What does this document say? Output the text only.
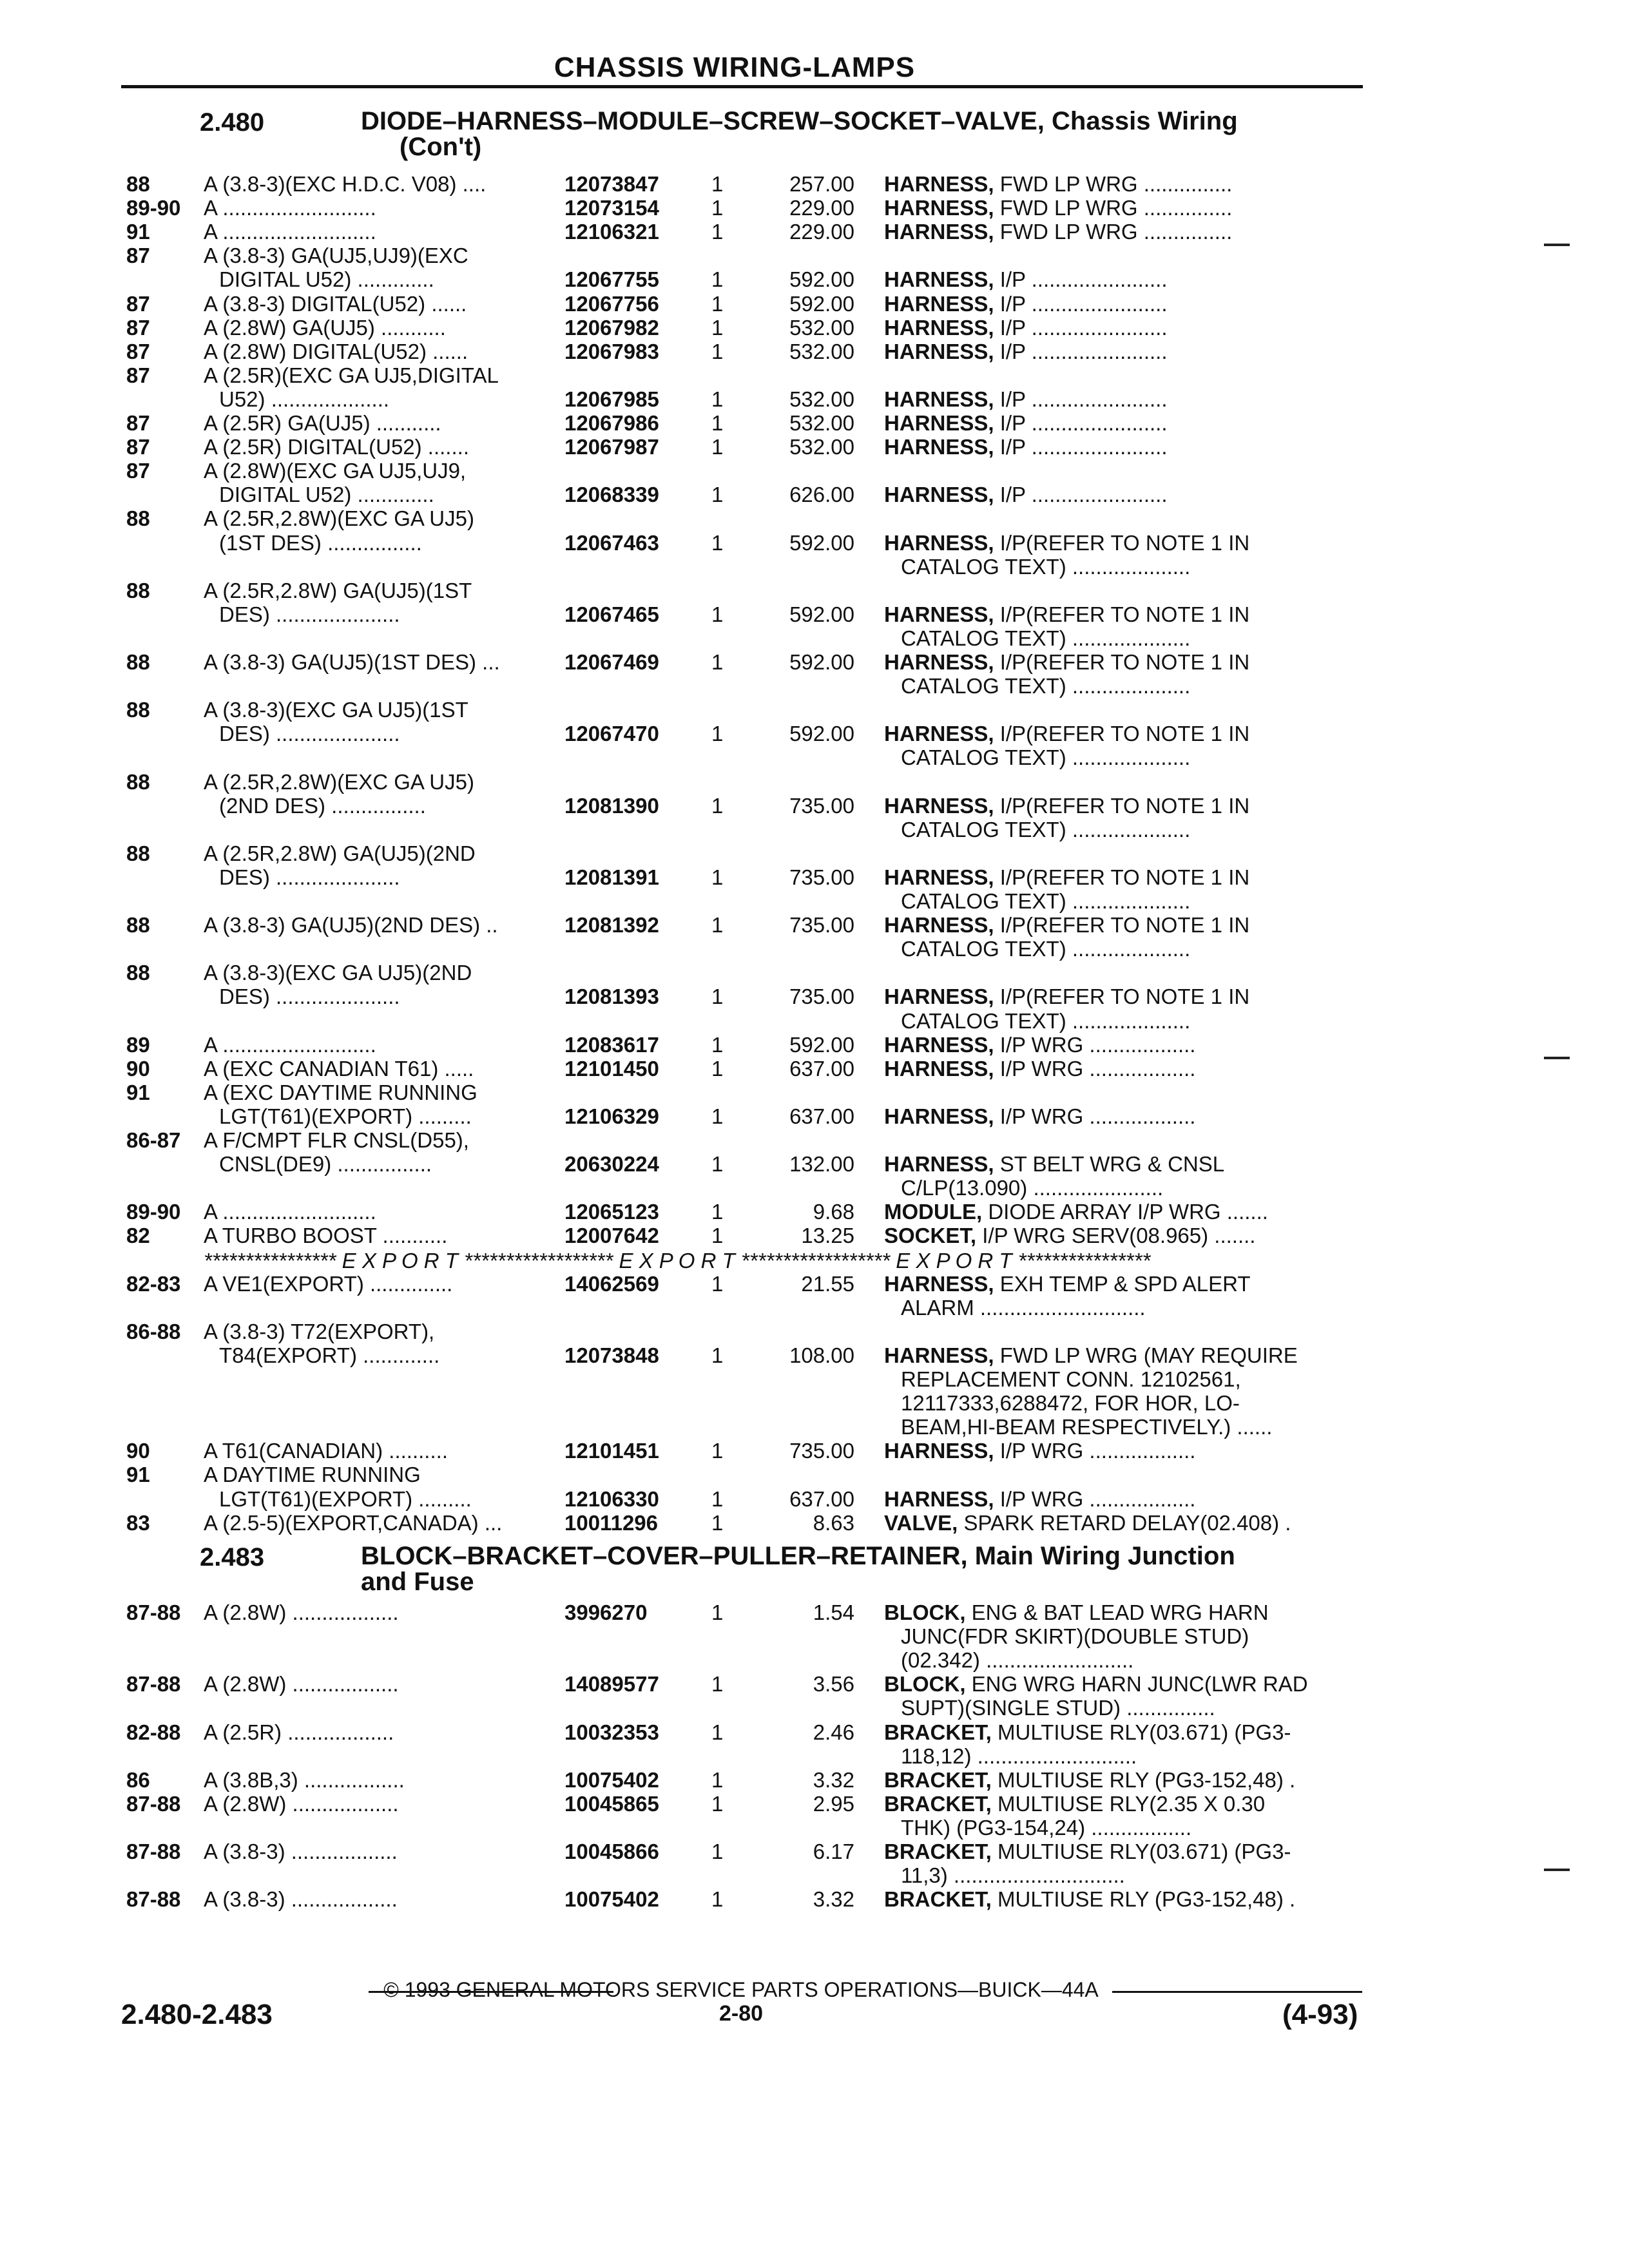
CHASSIS WIRING-LAMPS
2.480	DIODE–HARNESS–MODULE–SCREW–SOCKET–VALVE, Chassis Wiring
(Con't)
88	A (3.8-3)(EXC H.D.C. V08) ....	12073847 1	257.00 HARNESS, FWD LP WRG ...............
89-90 A ..........................	12073154 1	229.00 HARNESS, FWD LP WRG ...............
91	A ..........................	12106321 1	229.00 HARNESS, FWD LP WRG ...............
87	A (3.8-3) GA(UJ5,UJ9)(EXC
DIGITAL U52) .............	12067755 1	592.00 HARNESS, I/P .......................
87	A (3.8-3) DIGITAL(U52) ......	12067756 1	592.00 HARNESS, I/P .......................
87	A (2.8W) GA(UJ5) ...........	12067982 1	532.00 HARNESS, I/P .......................
87	A (2.8W) DIGITAL(U52) ......	12067983 1	532.00 HARNESS, I/P .......................
87	A (2.5R)(EXC GA UJ5,DIGITAL
U52) ....................	12067985 1	532.00 HARNESS, I/P .......................
87	A (2.5R) GA(UJ5) ...........	12067986 1	532.00 HARNESS, I/P .......................
87	A (2.5R) DIGITAL(U52) .......	12067987 1	532.00 HARNESS, I/P .......................
87	A (2.8W)(EXC GA UJ5,UJ9,
DIGITAL U52) .............	12068339 1	626.00 HARNESS, I/P .......................
88	A (2.5R,2.8W)(EXC GA UJ5)
(1ST DES) ................	12067463 1	592.00 HARNESS, I/P(REFER TO NOTE 1 IN
CATALOG TEXT) ....................
88	A (2.5R,2.8W) GA(UJ5)(1ST
DES) .....................	12067465 1	592.00 HARNESS, I/P(REFER TO NOTE 1 IN
CATALOG TEXT) ....................
88	A (3.8-3) GA(UJ5)(1ST DES) ...	12067469 1	592.00 HARNESS, I/P(REFER TO NOTE 1 IN
CATALOG TEXT) ....................
88	A (3.8-3)(EXC GA UJ5)(1ST
DES) .....................	12067470 1	592.00 HARNESS, I/P(REFER TO NOTE 1 IN
CATALOG TEXT) ....................
88	A (2.5R,2.8W)(EXC GA UJ5)
(2ND DES) ................	12081390 1	735.00 HARNESS, I/P(REFER TO NOTE 1 IN
CATALOG TEXT) ....................
88	A (2.5R,2.8W) GA(UJ5)(2ND
DES) .....................	12081391 1	735.00 HARNESS, I/P(REFER TO NOTE 1 IN
CATALOG TEXT) ....................
88	A (3.8-3) GA(UJ5)(2ND DES) ..	12081392 1	735.00 HARNESS, I/P(REFER TO NOTE 1 IN
CATALOG TEXT) ....................
88	A (3.8-3)(EXC GA UJ5)(2ND
DES) .....................	12081393 1	735.00 HARNESS, I/P(REFER TO NOTE 1 IN
CATALOG TEXT) ....................
89	A ..........................	12083617 1	592.00 HARNESS, I/P WRG ..................
90	A (EXC CANADIAN T61) .....	12101450 1	637.00 HARNESS, I/P WRG ..................
91	A (EXC DAYTIME RUNNING
LGT(T61)(EXPORT) .........	12106329 1	637.00 HARNESS, I/P WRG ..................
86-87 A F/CMPT FLR CNSL(D55),
CNSL(DE9) ................	20630224 1	132.00 HARNESS, ST BELT WRG & CNSL
C/LP(13.090) ......................
89-90 A ..........................	12065123 1	9.68 MODULE, DIODE ARRAY I/P WRG .......
82	A TURBO BOOST ...........	12007642 1	13.25 SOCKET, I/P WRG SERV(08.965) .......
**************** E X P O R T ****************** E X P O R T ****************** E X P O R T ****************
82-83 A VE1(EXPORT) ..............	14062569 1	21.55 HARNESS, EXH TEMP & SPD ALERT
ALARM ............................
86-88 A (3.8-3) T72(EXPORT),
T84(EXPORT) .............	12073848 1	108.00 HARNESS, FWD LP WRG (MAY REQUIRE
REPLACEMENT CONN. 12102561,
12117333,6288472, FOR HOR, LO-
BEAM,HI-BEAM RESPECTIVELY.) ......
90	A T61(CANADIAN) ..........	12101451 1	735.00 HARNESS, I/P WRG ..................
91	A DAYTIME RUNNING
LGT(T61)(EXPORT) .........	12106330 1	637.00 HARNESS, I/P WRG ..................
83	A (2.5-5)(EXPORT,CANADA) ...	10011296	1	8.63 VALVE, SPARK RETARD DELAY(02.408) .
2.483	BLOCK–BRACKET–COVER–PULLER–RETAINER, Main Wiring Junction
and Fuse
87-88 A (2.8W) ..................	3996270	1	1.54 BLOCK, ENG & BAT LEAD WRG HARN
JUNC(FDR SKIRT)(DOUBLE STUD)
(02.342) .........................
87-88 A (2.8W) ..................	14089577 1	3.56 BLOCK, ENG WRG HARN JUNC(LWR RAD
SUPT)(SINGLE STUD) ...............
82-88 A (2.5R) ..................	10032353 1	2.46 BRACKET, MULTIUSE RLY(03.671) (PG3-
118,12) ...........................
86	A (3.8B,3) .................	10075402 1	3.32 BRACKET, MULTIUSE RLY (PG3-152,48) .
87-88 A (2.8W) ..................	10045865 1	2.95 BRACKET, MULTIUSE RLY(2.35 X 0.30
THK) (PG3-154,24) .................
87-88 A (3.8-3) ..................	10045866 1	6.17 BRACKET, MULTIUSE RLY(03.671) (PG3-
11,3) .............................
87-88 A (3.8-3) ..................	10075402 1	3.32 BRACKET, MULTIUSE RLY (PG3-152,48) .
© 1993 GENERAL MOTORS SERVICE PARTS OPERATIONS—BUICK—44A
2.480-2.483	2-80	(4-93)
